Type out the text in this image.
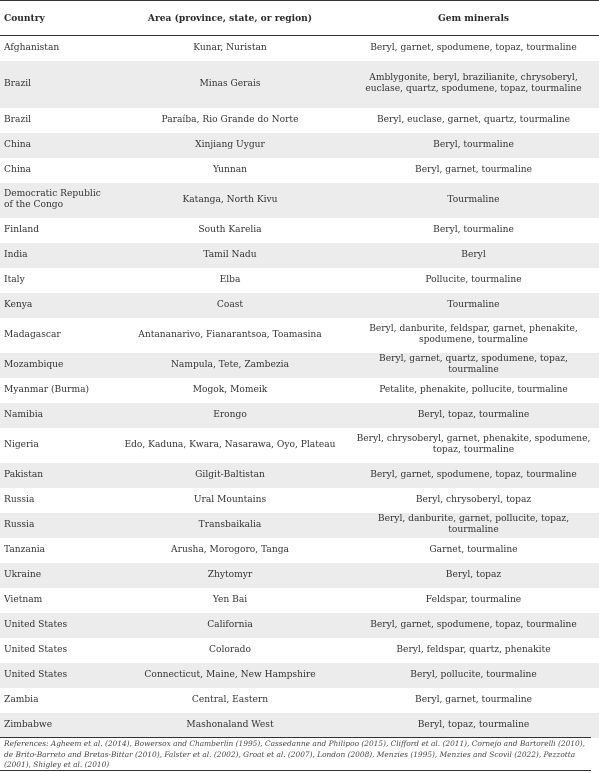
Country	Area (province, state, or region)	Gem minerals
Afghanistan	Kunar, Nuristan	Beryl, garnet, spodumene, topaz, tourmaline
Brazil	Minas Gerais	Amblygonite, beryl, brazilianite, chrysoberyl, euclase, quartz, spodumene, topaz, tourmaline
Brazil	Paraíba, Rio Grande do Norte	Beryl, euclase, garnet, quartz, tourmaline
China	Xinjiang Uygur	Beryl, tourmaline
China	Yunnan	Beryl, garnet, tourmaline
Democratic Republic of the Congo	Katanga, North Kivu	Tourmaline
Finland	South Karelia	Beryl, tourmaline
India	Tamil Nadu	Beryl
Italy	Elba	Pollucite, tourmaline
Kenya	Coast	Tourmaline
Madagascar	Antananarivo, Fianarantsoa, Toamasina	Beryl, danburite, feldspar, garnet, phenakite, spodumene, tourmaline
Mozambique	Nampula, Tete, Zambezia	Beryl, garnet, quartz, spodumene, topaz, tourmaline
Myanmar (Burma)	Mogok, Momeik	Petalite, phenakite, pollucite, tourmaline
Namibia	Erongo	Beryl, topaz, tourmaline
Nigeria	Edo, Kaduna, Kwara, Nasarawa, Oyo, Plateau	Beryl, chrysoberyl, garnet, phenakite, spodumene, topaz, tourmaline
Pakistan	Gilgit-Baltistan	Beryl, garnet, spodumene, topaz, tourmaline
Russia	Ural Mountains	Beryl, chrysoberyl, topaz
Russia	Transbaikalia	Beryl, danburite, garnet, pollucite, topaz, tourmaline
Tanzania	Arusha, Morogoro, Tanga	Garnet, tourmaline
Ukraine	Zhytomyr	Beryl, topaz
Vietnam	Yen Bai	Feldspar, tourmaline
United States	California	Beryl, garnet, spodumene, topaz, tourmaline
United States	Colorado	Beryl, feldspar, quartz, phenakite
United States	Connecticut, Maine, New Hampshire	Beryl, pollucite, tourmaline
Zambia	Central, Eastern	Beryl, garnet, tourmaline
Zimbabwe	Mashonaland West	Beryl, topaz, tourmaline
References: Agheem et al. (2014), Bowersox and Chamberlin (1995), Cassedanne and Philipoo (2015), Clifford et al. (2011), Cornejo and Bartorelli (2010), de Brito-Barreto and Bretas-Bittar (2010), Falster et al. (2002), Groat et al. (2007), London (2008), Menzies (1995), Menzies and Scovil (2022), Pezzotta (2001), Shigley et al. (2010)
